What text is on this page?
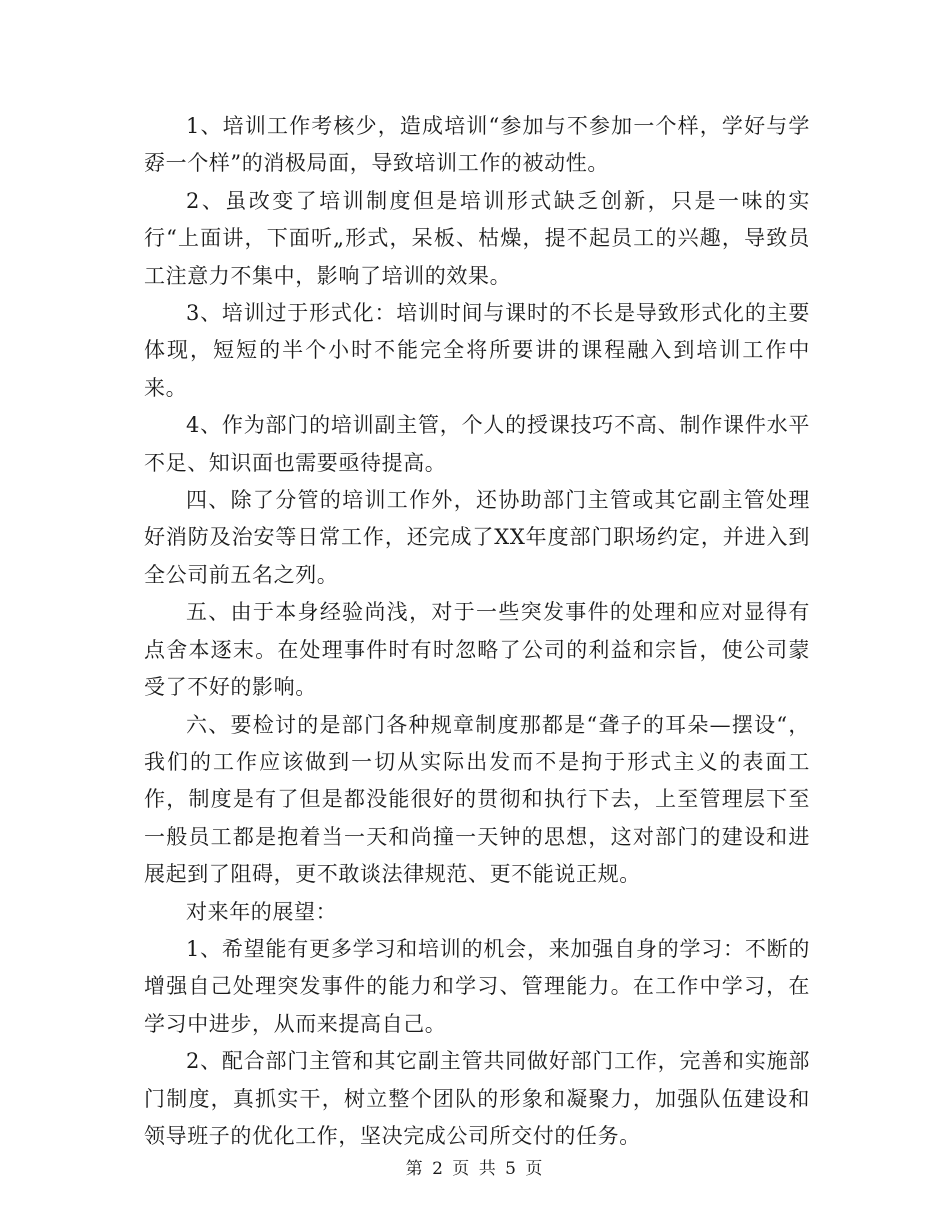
1、培训工作考核少，造成培训“参加与不参加一个样，学好与学孬一个样”的消极局面，导致培训工作的被动性。

2、虽改变了培训制度但是培训形式缺乏创新，只是一味的实行“上面讲，下面听„形式，呆板、枯燥，提不起员工的兴趣，导致员工注意力不集中，影响了培训的效果。

3、培训过于形式化：培训时间与课时的不长是导致形式化的主要体现，短短的半个小时不能完全将所要讲的课程融入到培训工作中来。

4、作为部门的培训副主管，个人的授课技巧不高、制作课件水平不足、知识面也需要亟待提高。

四、除了分管的培训工作外，还协助部门主管或其它副主管处理好消防及治安等日常工作，还完成了XX年度部门职场约定，并进入到全公司前五名之列。

五、由于本身经验尚浅，对于一些突发事件的处理和应对显得有点舍本逐末。在处理事件时有时忽略了公司的利益和宗旨，使公司蒙受了不好的影响。

六、要检讨的是部门各种规章制度那都是“聋子的耳朵—摆设“，我们的工作应该做到一切从实际出发而不是拘于形式主义的表面工作，制度是有了但是都没能很好的贯彻和执行下去，上至管理层下至一般员工都是抱着当一天和尚撞一天钟的思想，这对部门的建设和进展起到了阻碍，更不敢谈法律规范、更不能说正规。

对来年的展望：

1、希望能有更多学习和培训的机会，来加强自身的学习：不断的增强自己处理突发事件的能力和学习、管理能力。在工作中学习，在学习中进步，从而来提高自己。

2、配合部门主管和其它副主管共同做好部门工作，完善和实施部门制度，真抓实干，树立整个团队的形象和凝聚力，加强队伍建设和领导班子的优化工作，坚决完成公司所交付的任务。

第 2 页 共 5 页
